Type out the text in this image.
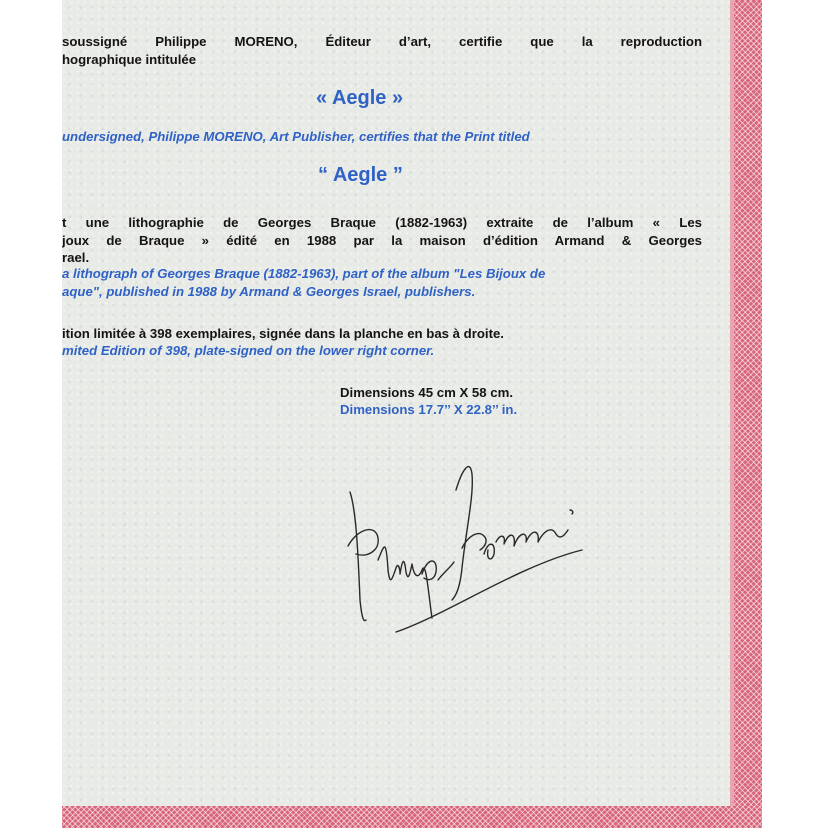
soussigné Philippe MORENO, Éditeur d’art, certifie que la reproduction

hographique intitulée

« Aegle »

undersigned, Philippe MORENO, Art Publisher, certifies that the Print titled

“ Aegle ”

t une lithographie de Georges Braque (1882-1963) extraite de l’album « Les

joux de Braque » édité en 1988 par la maison d’édition Armand & Georges

rael.

a lithograph of Georges Braque (1882-1963), part of the album "Les Bijoux de

aque", published in 1988 by Armand & Georges Israel, publishers.

ition limitée à 398 exemplaires, signée dans la planche en bas à droite.

mited Edition of 398, plate-signed on the lower right corner.

Dimensions 45 cm X 58 cm.

Dimensions 17.7’’ X 22.8’’ in.
